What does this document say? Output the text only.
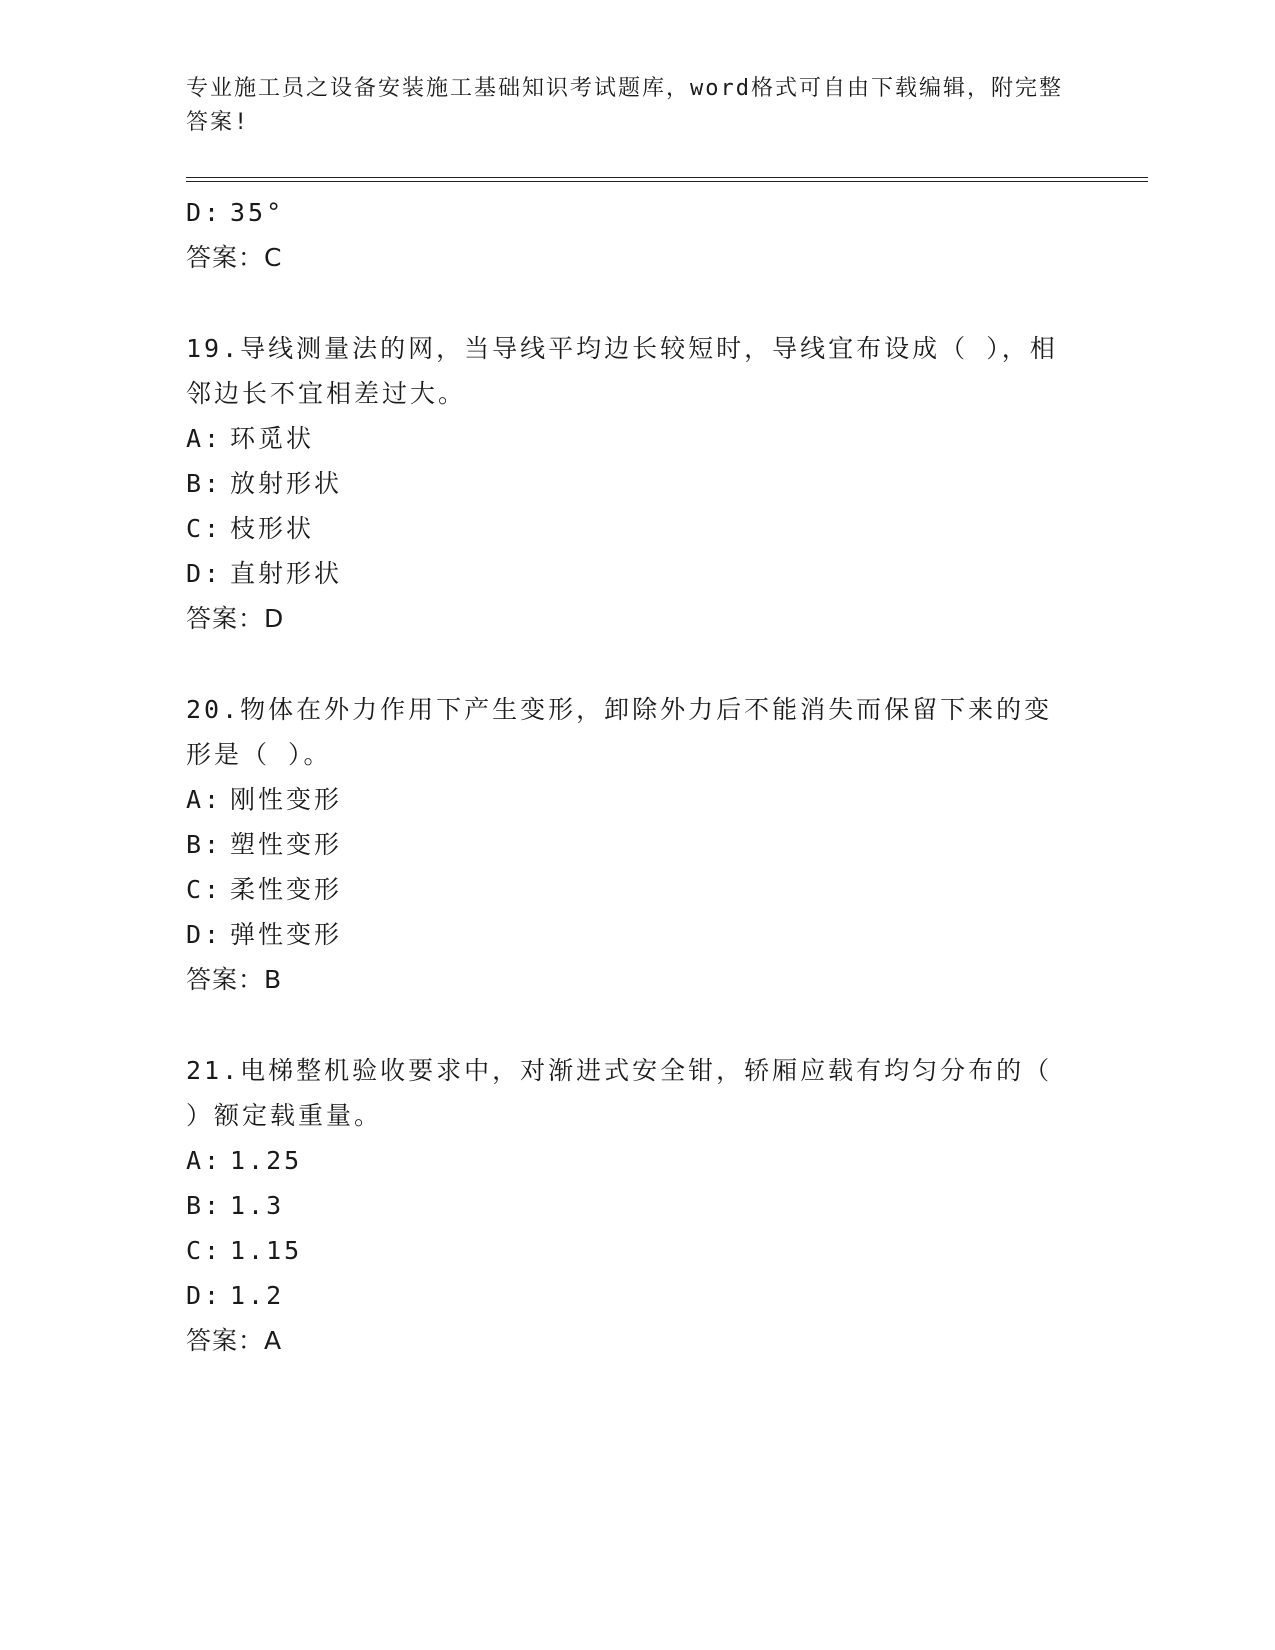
专业施工员之设备安装施工基础知识考试题库，word格式可自由下载编辑，附完整答案!
D: 35°
答案：C
19.导线测量法的网，当导线平均边长较短时，导线宜布设成（ ），相邻边长不宜相差过大。
A: 环觅状
B: 放射形状
C: 枝形状
D: 直射形状
答案：D
20.物体在外力作用下产生变形，卸除外力后不能消失而保留下来的变形是（ ）。
A: 刚性变形
B: 塑性变形
C: 柔性变形
D: 弹性变形
答案：B
21.电梯整机验收要求中，对渐进式安全钳，轿厢应载有均匀分布的（ ）额定载重量。
A: 1.25
B: 1.3
C: 1.15
D: 1.2
答案：A
